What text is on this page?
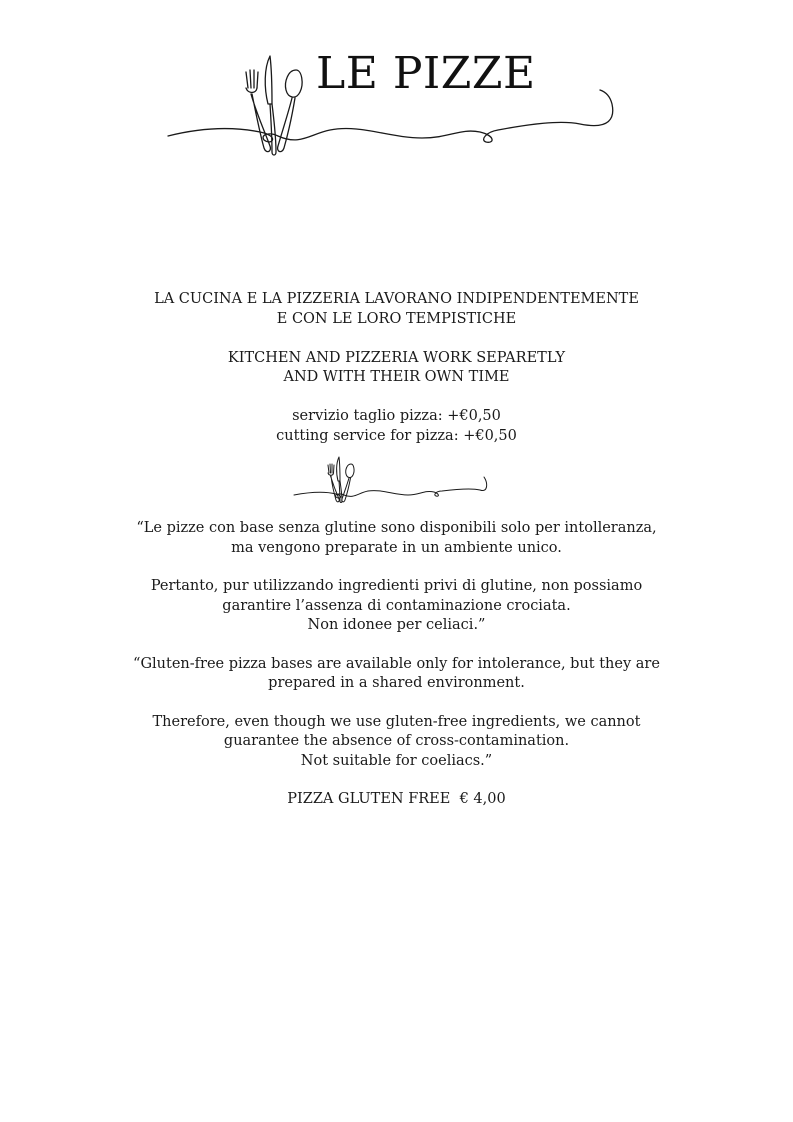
LE PIZZE

LA CUCINA E LA PIZZERIA LAVORANO INDIPENDENTEMENTE

E CON LE LORO TEMPISTICHE

KITCHEN AND PIZZERIA WORK SEPARETLY

AND WITH THEIR OWN TIME

servizio taglio pizza: +€0,50

cutting service for pizza: +€0,50

“Le pizze con base senza glutine sono disponibili solo per intolleranza,

ma vengono preparate in un ambiente unico.

Pertanto, pur utilizzando ingredienti privi di glutine, non possiamo

garantire l’assenza di contaminazione crociata.

Non idonee per celiaci.”

“Gluten-free pizza bases are available only for intolerance, but they are

prepared in a shared environment.

Therefore, even though we use gluten-free ingredients, we cannot

guarantee the absence of cross-contamination.

Not suitable for coeliacs.”

PIZZA GLUTEN FREE  € 4,00
